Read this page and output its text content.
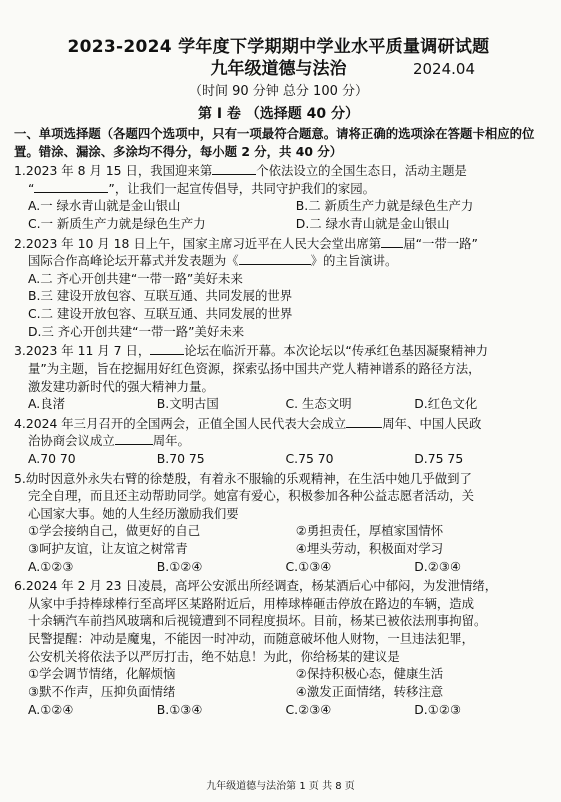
2023-2024 学年度下学期期中学业水平质量调研试题
九年级道德与法治	2024.04
（时间 90 分钟 总分 100 分）
第 Ⅰ 卷 （选择题 40 分）

一、单项选择题（各题四个选项中，只有一项最符合题意。请将正确的选项涂在答题卡相应的位置。错涂、漏涂、多涂均不得分，每小题 2 分，共 40 分）

1.2023 年 8 月 15 日，我国迎来第	个依法设立的全国生态日，活动主题是
“	”，让我们一起宣传倡导，共同守护我们的家园。
A.一 绿水青山就是金山银山	B.二 新质生产力就是绿色生产力
C.一 新质生产力就是绿色生产力	D.二 绿水青山就是金山银山
2.2023 年 10 月 18 日上午，国家主席习近平在人民大会堂出席第 届“一带一路”
国际合作高峰论坛开幕式并发表题为《	》的主旨演讲。
A.二 齐心开创共建“一带一路”美好未来
B.三 建设开放包容、互联互通、共同发展的世界
C.二 建设开放包容、互联互通、共同发展的世界
D.三 齐心开创共建“一带一路”美好未来
3.2023 年 11 月 7 日，	论坛在临沂开幕。本次论坛以“传承红色基因凝聚精神力
量”为主题，旨在挖掘用好红色资源，探索弘扬中国共产党人精神谱系的路径方法，
激发建功新时代的强大精神力量。
A.良渚	B.文明古国	C. 生态文明	D.红色文化
4.2024 年三月召开的全国两会，正值全国人民代表大会成立	周年、中国人民政
治协商会议成立	周年。
A.70 70	B.70 75	C.75 70	D.75 75
5.幼时因意外永失右臂的徐楚殷，有着永不服输的乐观精神，在生活中她几乎做到了
完全自理，而且还主动帮助同学。她富有爱心，积极参加各种公益志愿者活动，关
心国家大事。她的人生经历激励我们要
①学会接纳自己，做更好的自己	②勇担责任，厚植家国情怀
③呵护友谊，让友谊之树常青	④埋头劳动，积极面对学习
A.①②③	B.①②④	C.①③④	D.②③④
6.2024 年 2 月 23 日凌晨，高坪公安派出所经调查，杨某酒后心中郁闷，为发泄情绪，
从家中手持棒球棒行至高坪区某路附近后，用棒球棒砸击停放在路边的车辆，造成
十余辆汽车前挡风玻璃和后视镜遭到不同程度损坏。目前，杨某已被依法刑事拘留。
民警提醒：冲动是魔鬼，不能因一时冲动，而随意破坏他人财物，一旦违法犯罪，
公安机关将依法予以严厉打击，绝不姑息！为此，你给杨某的建议是
①学会调节情绪，化解烦恼	②保持积极心态，健康生活
③默不作声，压抑负面情绪	④激发正面情绪，转移注意
A.①②④	B.①③④	C.②③④	D.①②③
九年级道德与法治第 1 页 共 8 页
